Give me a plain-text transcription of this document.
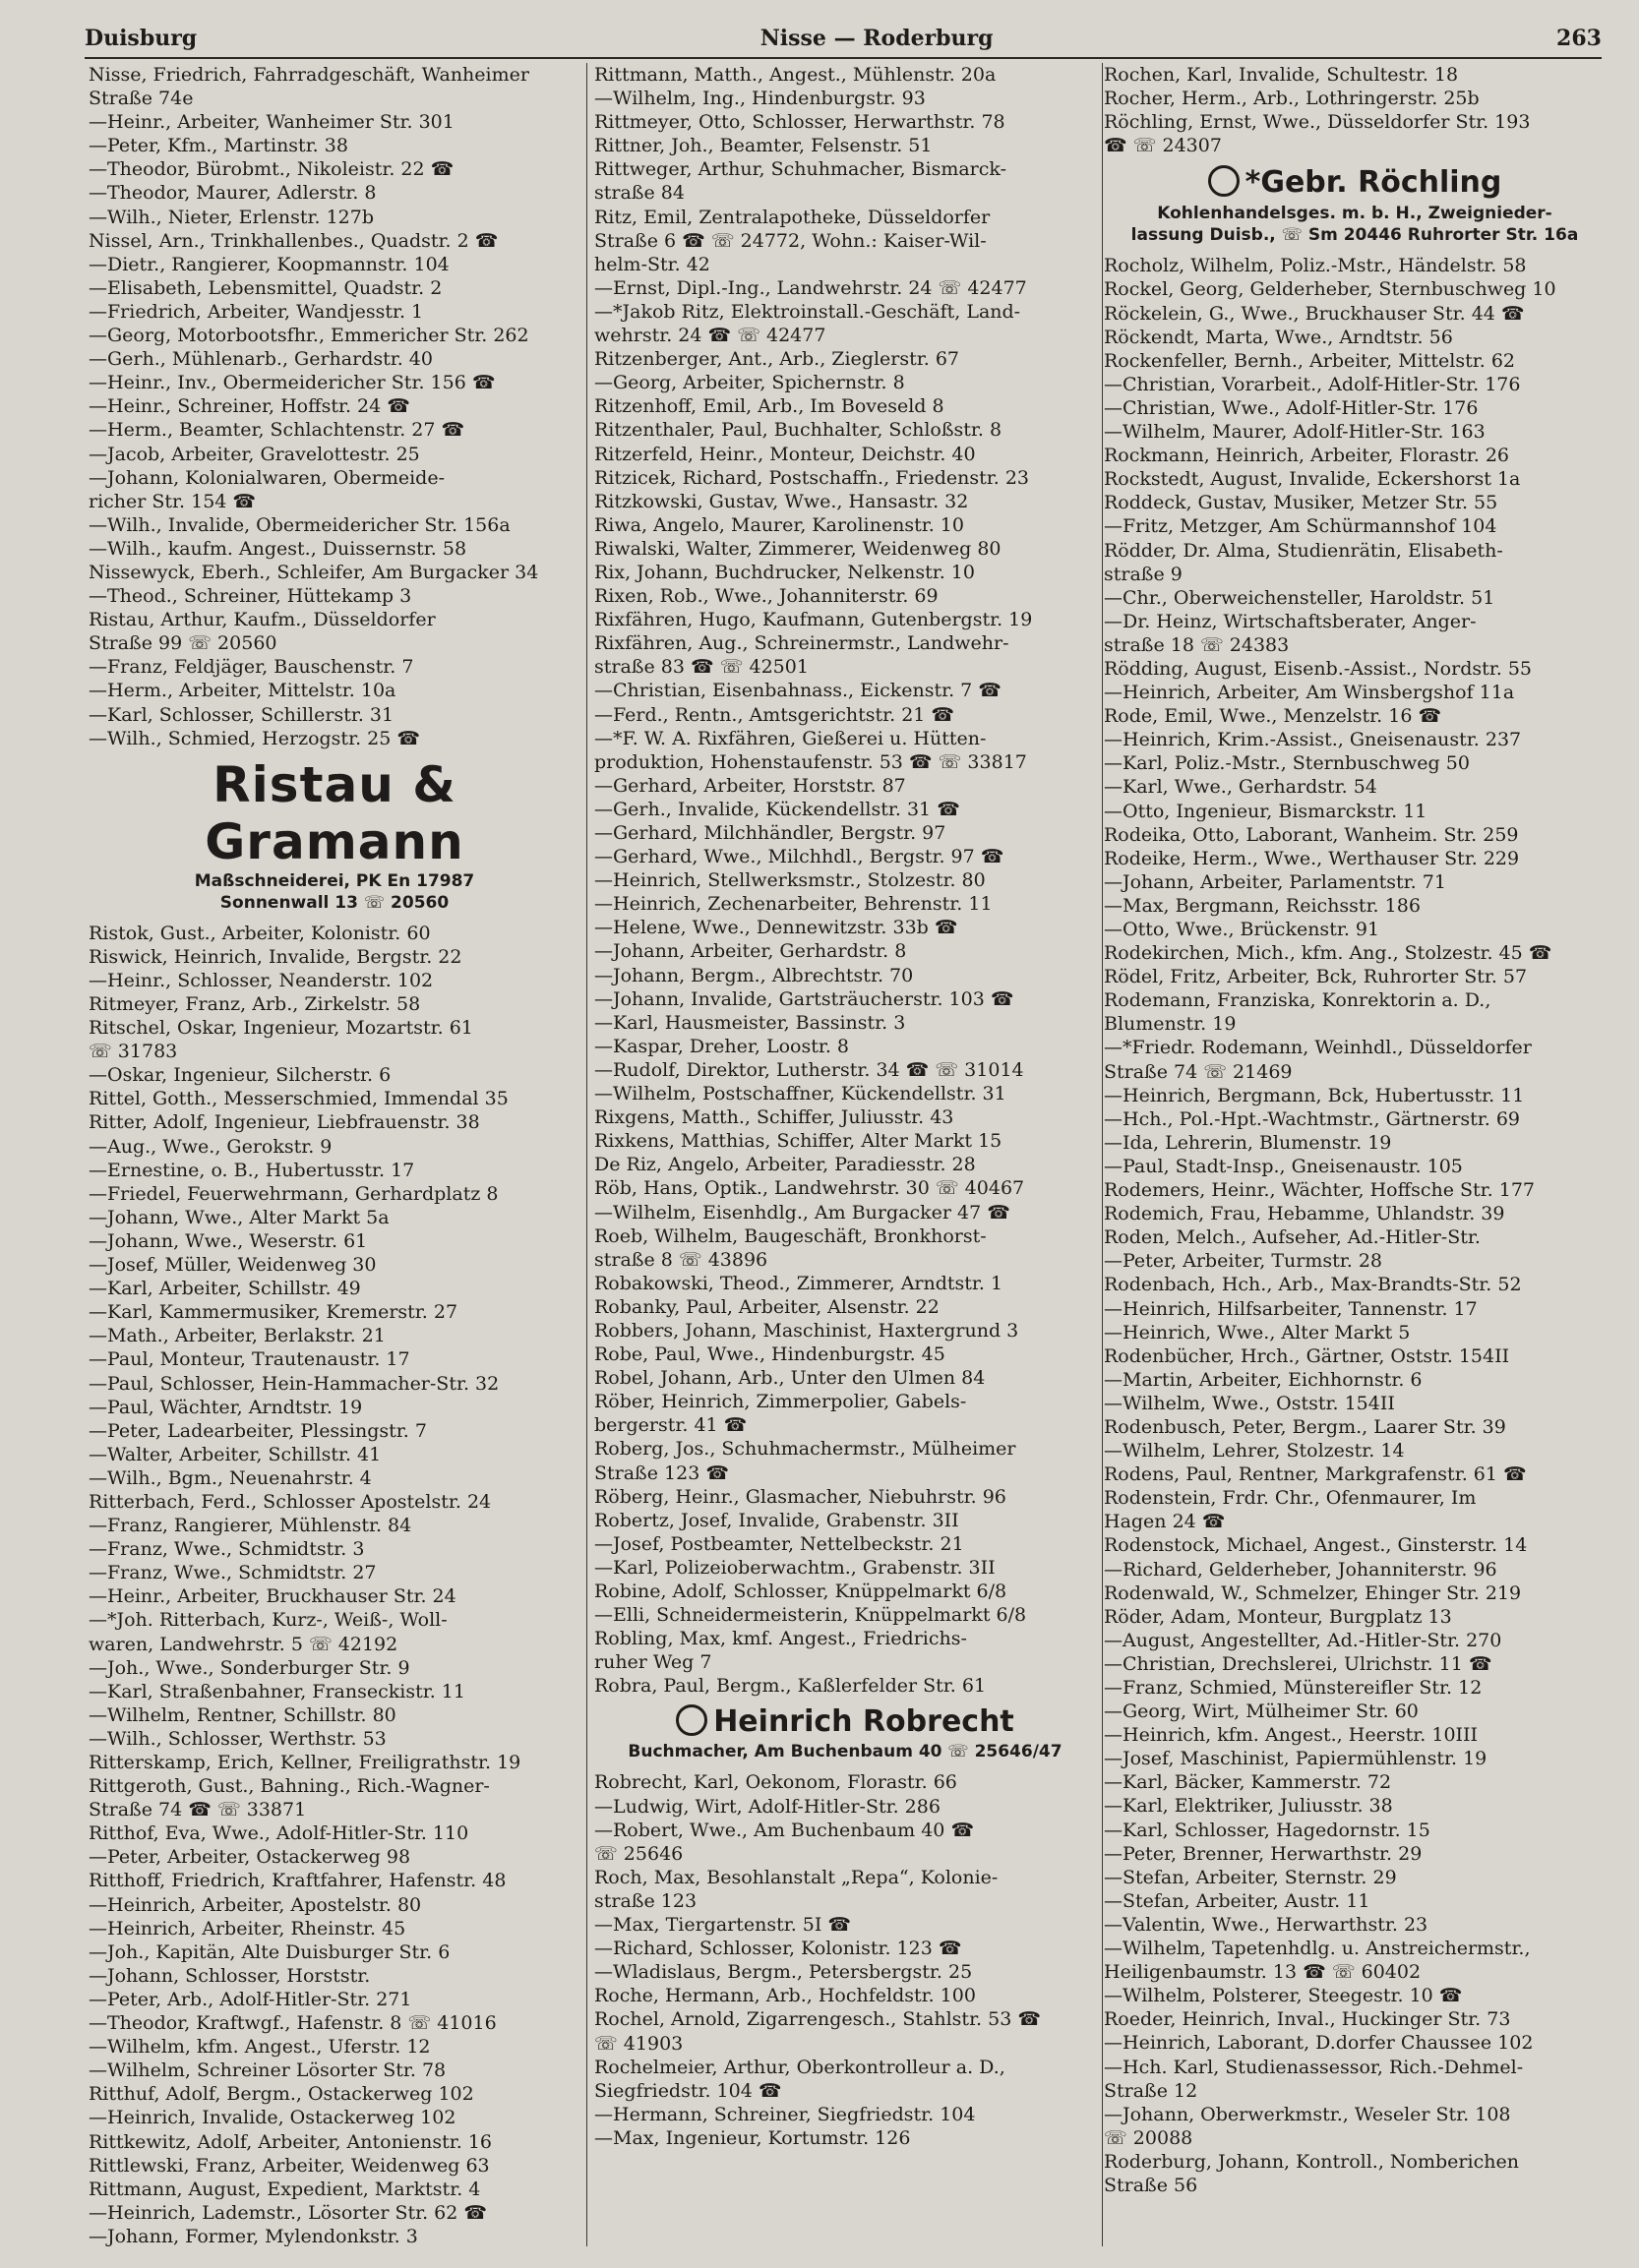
Duisburg	Nisse — Roderburg	263
Nisse, Friedrich, Fahrradgeschäft, Wanheimer
Straße 74e
—Heinr., Arbeiter, Wanheimer Str. 301
—Peter, Kfm., Martinstr. 38
—Theodor, Bürobmt., Nikoleistr. 22 ☎
—Theodor, Maurer, Adlerstr. 8
—Wilh., Nieter, Erlenstr. 127b
Nissel, Arn., Trinkhallenbes., Quadstr. 2 ☎
—Dietr., Rangierer, Koopmannstr. 104
—Elisabeth, Lebensmittel, Quadstr. 2
—Friedrich, Arbeiter, Wandjesstr. 1
—Georg, Motorbootsfhr., Emmericher Str. 262
—Gerh., Mühlenarb., Gerhardstr. 40
—Heinr., Inv., Obermeidericher Str. 156 ☎
—Heinr., Schreiner, Hoffstr. 24 ☎
—Herm., Beamter, Schlachtenstr. 27 ☎
—Jacob, Arbeiter, Gravelottestr. 25
—Johann, Kolonialwaren, Obermeide-
richer Str. 154 ☎
—Wilh., Invalide, Obermeidericher Str. 156a
—Wilh., kaufm. Angest., Duissernstr. 58
Nissewyck, Eberh., Schleifer, Am Burgacker 34
—Theod., Schreiner, Hüttekamp 3
Ristau, Arthur, Kaufm., Düsseldorfer
Straße 99 ☏ 20560
—Franz, Feldjäger, Bauschenstr. 7
—Herm., Arbeiter, Mittelstr. 10a
—Karl, Schlosser, Schillerstr. 31
—Wilh., Schmied, Herzogstr. 25 ☎
Ristau & Gramann
Maßschneiderei, PK En 17987
Sonnenwall 13 ☏ 20560
Ristok, Gust., Arbeiter, Kolonistr. 60
Riswick, Heinrich, Invalide, Bergstr. 22
—Heinr., Schlosser, Neanderstr. 102
Ritmeyer, Franz, Arb., Zirkelstr. 58
Ritschel, Oskar, Ingenieur, Mozartstr. 61
☏ 31783
—Oskar, Ingenieur, Silcherstr. 6
Rittel, Gotth., Messerschmied, Immendal 35
Ritter, Adolf, Ingenieur, Liebfrauenstr. 38
—Aug., Wwe., Gerokstr. 9
—Ernestine, o. B., Hubertusstr. 17
—Friedel, Feuerwehrmann, Gerhardplatz 8
—Johann, Wwe., Alter Markt 5a
—Johann, Wwe., Weserstr. 61
—Josef, Müller, Weidenweg 30
—Karl, Arbeiter, Schillstr. 49
—Karl, Kammermusiker, Kremerstr. 27
—Math., Arbeiter, Berlakstr. 21
—Paul, Monteur, Trautenaustr. 17
—Paul, Schlosser, Hein-Hammacher-Str. 32
—Paul, Wächter, Arndtstr. 19
—Peter, Ladearbeiter, Plessingstr. 7
—Walter, Arbeiter, Schillstr. 41
—Wilh., Bgm., Neuenahrstr. 4
Ritterbach, Ferd., Schlosser Apostelstr. 24
—Franz, Rangierer, Mühlenstr. 84
—Franz, Wwe., Schmidtstr. 3
—Franz, Wwe., Schmidtstr. 27
—Heinr., Arbeiter, Bruckhauser Str. 24
—*Joh. Ritterbach, Kurz-, Weiß-, Woll-
waren, Landwehrstr. 5 ☏ 42192
—Joh., Wwe., Sonderburger Str. 9
—Karl, Straßenbahner, Franseckistr. 11
—Wilhelm, Rentner, Schillstr. 80
—Wilh., Schlosser, Werthstr. 53
Ritterskamp, Erich, Kellner, Freiligrathstr. 19
Rittgeroth, Gust., Bahning., Rich.-Wagner-
Straße 74 ☎ ☏ 33871
Ritthof, Eva, Wwe., Adolf-Hitler-Str. 110
—Peter, Arbeiter, Ostackerweg 98
Ritthoff, Friedrich, Kraftfahrer, Hafenstr. 48
—Heinrich, Arbeiter, Apostelstr. 80
—Heinrich, Arbeiter, Rheinstr. 45
—Joh., Kapitän, Alte Duisburger Str. 6
—Johann, Schlosser, Horststr.
—Peter, Arb., Adolf-Hitler-Str. 271
—Theodor, Kraftwgf., Hafenstr. 8 ☏ 41016
—Wilhelm, kfm. Angest., Uferstr. 12
—Wilhelm, Schreiner Lösorter Str. 78
Ritthuf, Adolf, Bergm., Ostackerweg 102
—Heinrich, Invalide, Ostackerweg 102
Rittkewitz, Adolf, Arbeiter, Antonienstr. 16
Rittlewski, Franz, Arbeiter, Weidenweg 63
Rittmann, August, Expedient, Marktstr. 4
—Heinrich, Lademstr., Lösorter Str. 62 ☎
—Johann, Former, Mylendonkstr. 3
Rittmann, Matth., Angest., Mühlenstr. 20a
—Wilhelm, Ing., Hindenburgstr. 93
Rittmeyer, Otto, Schlosser, Herwarthstr. 78
Rittner, Joh., Beamter, Felsenstr. 51
Rittweger, Arthur, Schuhmacher, Bismarck-
straße 84
Ritz, Emil, Zentralapotheke, Düsseldorfer
Straße 6 ☎ ☏ 24772, Wohn.: Kaiser-Wil-
helm-Str. 42
—Ernst, Dipl.-Ing., Landwehrstr. 24 ☏ 42477
—*Jakob Ritz, Elektroinstall.-Geschäft, Land-
wehrstr. 24 ☎ ☏ 42477
Ritzenberger, Ant., Arb., Zieglerstr. 67
—Georg, Arbeiter, Spichernstr. 8
Ritzenhoff, Emil, Arb., Im Boveseld 8
Ritzenthaler, Paul, Buchhalter, Schloßstr. 8
Ritzerfeld, Heinr., Monteur, Deichstr. 40
Ritzicek, Richard, Postschaffn., Friedenstr. 23
Ritzkowski, Gustav, Wwe., Hansastr. 32
Riwa, Angelo, Maurer, Karolinenstr. 10
Riwalski, Walter, Zimmerer, Weidenweg 80
Rix, Johann, Buchdrucker, Nelkenstr. 10
Rixen, Rob., Wwe., Johanniterstr. 69
Rixfähren, Hugo, Kaufmann, Gutenbergstr. 19
Rixfähren, Aug., Schreinermstr., Landwehr-
straße 83 ☎ ☏ 42501
—Christian, Eisenbahnass., Eickenstr. 7 ☎
—Ferd., Rentn., Amtsgerichtstr. 21 ☎
—*F. W. A. Rixfähren, Gießerei u. Hütten-
produktion, Hohenstaufenstr. 53 ☎ ☏ 33817
—Gerhard, Arbeiter, Horststr. 87
—Gerh., Invalide, Kückendellstr. 31 ☎
—Gerhard, Milchhändler, Bergstr. 97
—Gerhard, Wwe., Milchhdl., Bergstr. 97 ☎
—Heinrich, Stellwerksmstr., Stolzestr. 80
—Heinrich, Zechenarbeiter, Behrenstr. 11
—Helene, Wwe., Dennewitzstr. 33b ☎
—Johann, Arbeiter, Gerhardstr. 8
—Johann, Bergm., Albrechtstr. 70
—Johann, Invalide, Gartsträucherstr. 103 ☎
—Karl, Hausmeister, Bassinstr. 3
—Kaspar, Dreher, Loostr. 8
—Rudolf, Direktor, Lutherstr. 34 ☎ ☏ 31014
—Wilhelm, Postschaffner, Kückendellstr. 31
Rixgens, Matth., Schiffer, Juliusstr. 43
Rixkens, Matthias, Schiffer, Alter Markt 15
De Riz, Angelo, Arbeiter, Paradiesstr. 28
Röb, Hans, Optik., Landwehrstr. 30 ☏ 40467
—Wilhelm, Eisenhdlg., Am Burgacker 47 ☎
Roeb, Wilhelm, Baugeschäft, Bronkhorst-
straße 8 ☏ 43896
Robakowski, Theod., Zimmerer, Arndtstr. 1
Robanky, Paul, Arbeiter, Alsenstr. 22
Robbers, Johann, Maschinist, Haxtergrund 3
Robe, Paul, Wwe., Hindenburgstr. 45
Robel, Johann, Arb., Unter den Ulmen 84
Röber, Heinrich, Zimmerpolier, Gabels-
bergerstr. 41 ☎
Roberg, Jos., Schuhmachermstr., Mülheimer
Straße 123 ☎
Röberg, Heinr., Glasmacher, Niebuhrstr. 96
Robertz, Josef, Invalide, Grabenstr. 3II
—Josef, Postbeamter, Nettelbeckstr. 21
—Karl, Polizeioberwachtm., Grabenstr. 3II
Robine, Adolf, Schlosser, Knüppelmarkt 6/8
—Elli, Schneidermeisterin, Knüppelmarkt 6/8
Robling, Max, kmf. Angest., Friedrichs-
ruher Weg 7
Robra, Paul, Bergm., Kaßlerfelder Str. 61
Heinrich Robrecht
Buchmacher, Am Buchenbaum 40 ☏ 25646/47
Robrecht, Karl, Oekonom, Florastr. 66
—Ludwig, Wirt, Adolf-Hitler-Str. 286
—Robert, Wwe., Am Buchenbaum 40 ☎
☏ 25646
Roch, Max, Besohlanstalt „Repa“, Kolonie-
straße 123
—Max, Tiergartenstr. 5I ☎
—Richard, Schlosser, Kolonistr. 123 ☎
—Wladislaus, Bergm., Petersbergstr. 25
Roche, Hermann, Arb., Hochfeldstr. 100
Rochel, Arnold, Zigarrengesch., Stahlstr. 53 ☎
☏ 41903
Rochelmeier, Arthur, Oberkontrolleur a. D.,
Siegfriedstr. 104 ☎
—Hermann, Schreiner, Siegfriedstr. 104
—Max, Ingenieur, Kortumstr. 126
Rochen, Karl, Invalide, Schultestr. 18
Rocher, Herm., Arb., Lothringerstr. 25b
Röchling, Ernst, Wwe., Düsseldorfer Str. 193
☎ ☏ 24307
*Gebr. Röchling
Kohlenhandelsges. m. b. H., Zweignieder-
lassung Duisb., ☏ Sm 20446 Ruhrorter Str. 16a
Rocholz, Wilhelm, Poliz.-Mstr., Händelstr. 58
Rockel, Georg, Gelderheber, Sternbuschweg 10
Röckelein, G., Wwe., Bruckhauser Str. 44 ☎
Röckendt, Marta, Wwe., Arndtstr. 56
Rockenfeller, Bernh., Arbeiter, Mittelstr. 62
—Christian, Vorarbeit., Adolf-Hitler-Str. 176
—Christian, Wwe., Adolf-Hitler-Str. 176
—Wilhelm, Maurer, Adolf-Hitler-Str. 163
Rockmann, Heinrich, Arbeiter, Florastr. 26
Rockstedt, August, Invalide, Eckershorst 1a
Roddeck, Gustav, Musiker, Metzer Str. 55
—Fritz, Metzger, Am Schürmannshof 104
Rödder, Dr. Alma, Studienrätin, Elisabeth-
straße 9
—Chr., Oberweichensteller, Haroldstr. 51
—Dr. Heinz, Wirtschaftsberater, Anger-
straße 18 ☏ 24383
Rödding, August, Eisenb.-Assist., Nordstr. 55
—Heinrich, Arbeiter, Am Winsbergshof 11a
Rode, Emil, Wwe., Menzelstr. 16 ☎
—Heinrich, Krim.-Assist., Gneisenaustr. 237
—Karl, Poliz.-Mstr., Sternbuschweg 50
—Karl, Wwe., Gerhardstr. 54
—Otto, Ingenieur, Bismarckstr. 11
Rodeika, Otto, Laborant, Wanheim. Str. 259
Rodeike, Herm., Wwe., Werthauser Str. 229
—Johann, Arbeiter, Parlamentstr. 71
—Max, Bergmann, Reichsstr. 186
—Otto, Wwe., Brückenstr. 91
Rodekirchen, Mich., kfm. Ang., Stolzestr. 45 ☎
Rödel, Fritz, Arbeiter, Bck, Ruhrorter Str. 57
Rodemann, Franziska, Konrektorin a. D.,
Blumenstr. 19
—*Friedr. Rodemann, Weinhdl., Düsseldorfer
Straße 74 ☏ 21469
—Heinrich, Bergmann, Bck, Hubertusstr. 11
—Hch., Pol.-Hpt.-Wachtmstr., Gärtnerstr. 69
—Ida, Lehrerin, Blumenstr. 19
—Paul, Stadt-Insp., Gneisenaustr. 105
Rodemers, Heinr., Wächter, Hoffsche Str. 177
Rodemich, Frau, Hebamme, Uhlandstr. 39
Roden, Melch., Aufseher, Ad.-Hitler-Str.
—Peter, Arbeiter, Turmstr. 28
Rodenbach, Hch., Arb., Max-Brandts-Str. 52
—Heinrich, Hilfsarbeiter, Tannenstr. 17
—Heinrich, Wwe., Alter Markt 5
Rodenbücher, Hrch., Gärtner, Oststr. 154II
—Martin, Arbeiter, Eichhornstr. 6
—Wilhelm, Wwe., Oststr. 154II
Rodenbusch, Peter, Bergm., Laarer Str. 39
—Wilhelm, Lehrer, Stolzestr. 14
Rodens, Paul, Rentner, Markgrafenstr. 61 ☎
Rodenstein, Frdr. Chr., Ofenmaurer, Im
Hagen 24 ☎
Rodenstock, Michael, Angest., Ginsterstr. 14
—Richard, Gelderheber, Johanniterstr. 96
Rodenwald, W., Schmelzer, Ehinger Str. 219
Röder, Adam, Monteur, Burgplatz 13
—August, Angestellter, Ad.-Hitler-Str. 270
—Christian, Drechslerei, Ulrichstr. 11 ☎
—Franz, Schmied, Münstereifler Str. 12
—Georg, Wirt, Mülheimer Str. 60
—Heinrich, kfm. Angest., Heerstr. 10III
—Josef, Maschinist, Papiermühlenstr. 19
—Karl, Bäcker, Kammerstr. 72
—Karl, Elektriker, Juliusstr. 38
—Karl, Schlosser, Hagedornstr. 15
—Peter, Brenner, Herwarthstr. 29
—Stefan, Arbeiter, Sternstr. 29
—Stefan, Arbeiter, Austr. 11
—Valentin, Wwe., Herwarthstr. 23
—Wilhelm, Tapetenhdlg. u. Anstreichermstr.,
Heiligenbaumstr. 13 ☎ ☏ 60402
—Wilhelm, Polsterer, Steegestr. 10 ☎
Roeder, Heinrich, Inval., Huckinger Str. 73
—Heinrich, Laborant, D.dorfer Chaussee 102
—Hch. Karl, Studienassessor, Rich.-Dehmel-
Straße 12
—Johann, Oberwerkmstr., Weseler Str. 108
☏ 20088
Roderburg, Johann, Kontroll., Nomberichen
Straße 56
